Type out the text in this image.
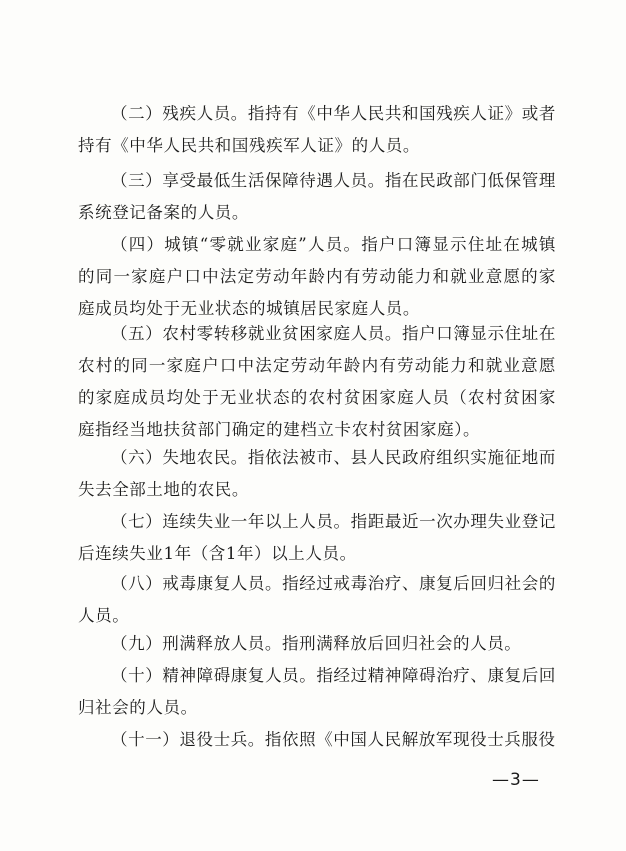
（二）残疾人员。指持有《中华人民共和国残疾人证》或者持有《中华人民共和国残疾军人证》的人员。

（三）享受最低生活保障待遇人员。指在民政部门低保管理系统登记备案的人员。

（四）城镇“零就业家庭”人员。指户口簿显示住址在城镇的同一家庭户口中法定劳动年龄内有劳动能力和就业意愿的家庭成员均处于无业状态的城镇居民家庭人员。

（五）农村零转移就业贫困家庭人员。指户口簿显示住址在农村的同一家庭户口中法定劳动年龄内有劳动能力和就业意愿的家庭成员均处于无业状态的农村贫困家庭人员（农村贫困家庭指经当地扶贫部门确定的建档立卡农村贫困家庭）。

（六）失地农民。指依法被市、县人民政府组织实施征地而失去全部土地的农民。

（七）连续失业一年以上人员。指距最近一次办理失业登记后连续失业1年（含1年）以上人员。

（八）戒毒康复人员。指经过戒毒治疗、康复后回归社会的人员。

（九）刑满释放人员。指刑满释放后回归社会的人员。

（十）精神障碍康复人员。指经过精神障碍治疗、康复后回归社会的人员。

（十一）退役士兵。指依照《中国人民解放军现役士兵服役

—3—
